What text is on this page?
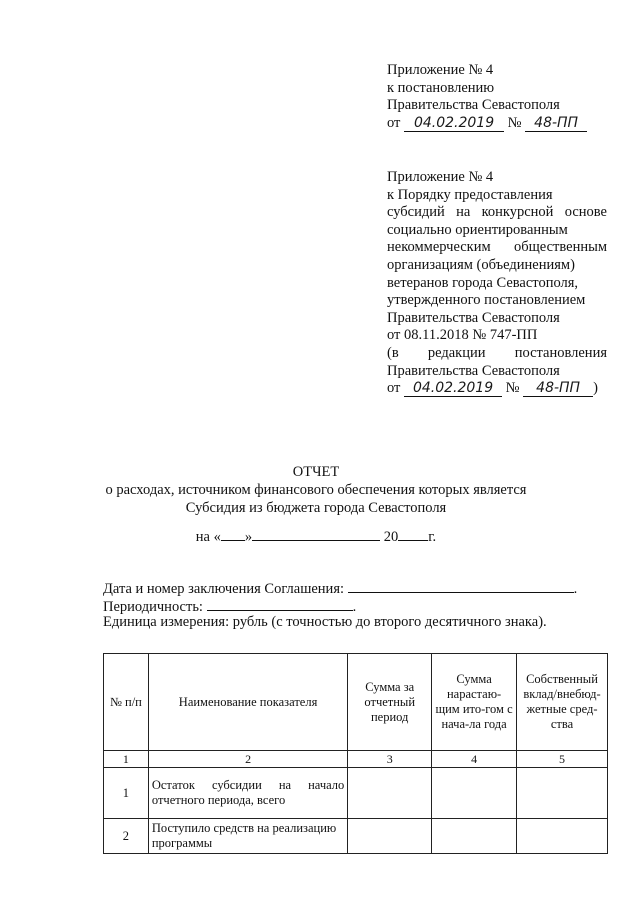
Приложение № 4
к постановлению
Правительства Севастополя
от 04.02.2019 № 48-ПП
Приложение № 4
к Порядку предоставления
субсидий на конкурсной основе
социально ориентированным
некоммерческим общественным
организациям (объединениям)
ветеранов города Севастополя,
утвержденного постановлением
Правительства Севастополя
от 08.11.2018 № 747-ПП
(в редакции постановления
Правительства Севастополя
от 04.02.2019 № 48-ПП )
ОТЧЕТ
о расходах, источником финансового обеспечения которых является
Субсидия из бюджета города Севастополя
на « »	20 г.
Дата и номер заключения Соглашения:	.
Периодичность:	.
Единица измерения: рубль (с точностью до второго десятичного знака).
№ п/п	Наименование показателя	Сумма за отчетный период	Сумма нарастаю-щим ито-гом с нача-ла года	Собственный вклад/внебюд-жетные сред-ства
1	2	3	4	5
1	Остаток субсидии на начало отчетного периода, всего			
2	Поступило средств на реализацию программы			
